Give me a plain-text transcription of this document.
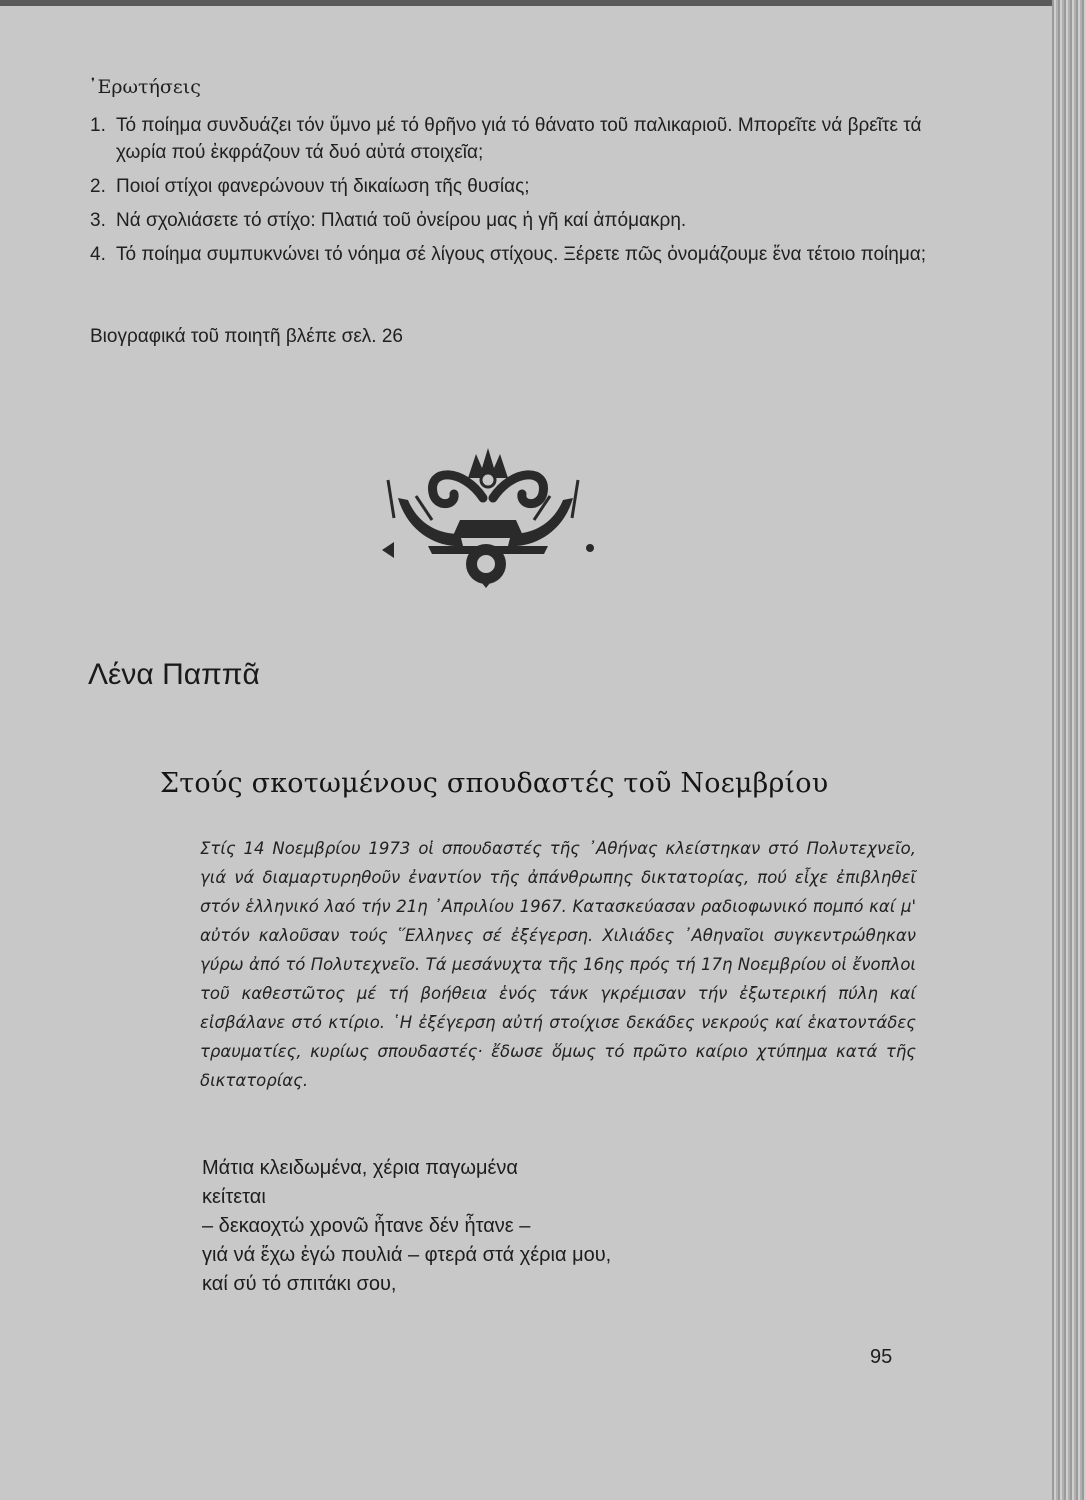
᾿Ερωτήσεις
1. Τό ποίημα συνδυάζει τόν ὕμνο μέ τό θρῆνο γιά τό θάνατο τοῦ παλικαριοῦ. Μπορεῖτε νά βρεῖτε τά χωρία πού ἐκφράζουν τά δυό αὐτά στοιχεῖα;
2. Ποιοί στίχοι φανερώνουν τή δικαίωση τῆς θυσίας;
3. Νά σχολιάσετε τό στίχο: Πλατιά τοῦ ὀνείρου μας ἡ γῆ καί ἀπόμακρη.
4. Τό ποίημα συμπυκνώνει τό νόημα σέ λίγους στίχους. Ξέρετε πῶς ὀνομάζουμε ἕνα τέτοιο ποίημα;
Βιογραφικά τοῦ ποιητῆ βλέπε σελ. 26
Λένα Παππᾶ
Στούς σκοτωμένους σπουδαστές τοῦ Νοεμβρίου

Στίς 14 Νοεμβρίου 1973 οἱ σπουδαστές τῆς ᾿Αθήνας κλείστηκαν στό Πολυτεχνεῖο, γιά νά διαμαρτυρηθοῦν ἐναντίον τῆς ἀπάνθρωπης δικτατορίας, πού εἶχε ἐπιβληθεῖ στόν ἑλληνικό λαό τήν 21η ᾿Απριλίου 1967. Κατασκεύασαν ραδιοφωνικό πομπό καί μ' αὐτόν καλοῦσαν τούς ῞Ελληνες σέ ἐξέγερση. Χιλιάδες ᾿Αθηναῖοι συγκεντρώθηκαν γύρω ἀπό τό Πολυτεχνεῖο. Τά μεσάνυχτα τῆς 16ης πρός τή 17η Νοεμβρίου οἱ ἔνοπλοι τοῦ καθεστῶτος μέ τή βοήθεια ἑνός τάνκ γκρέμισαν τήν ἐξωτερική πύλη καί εἰσβάλανε στό κτίριο. ῾Η ἐξέγερση αὐτή στοίχισε δεκάδες νεκρούς καί ἑκατοντάδες τραυματίες, κυρίως σπουδαστές· ἔδωσε ὅμως τό πρῶτο καίριο χτύπημα κατά τῆς δικτατορίας.

Μάτια κλειδωμένα, χέρια παγωμένα
κείτεται
– δεκαοχτώ χρονῶ ἦτανε δέν ἦτανε –
γιά νά ἔχω ἐγώ πουλιά – φτερά στά χέρια μου,
καί σύ τό σπιτάκι σου,
95
